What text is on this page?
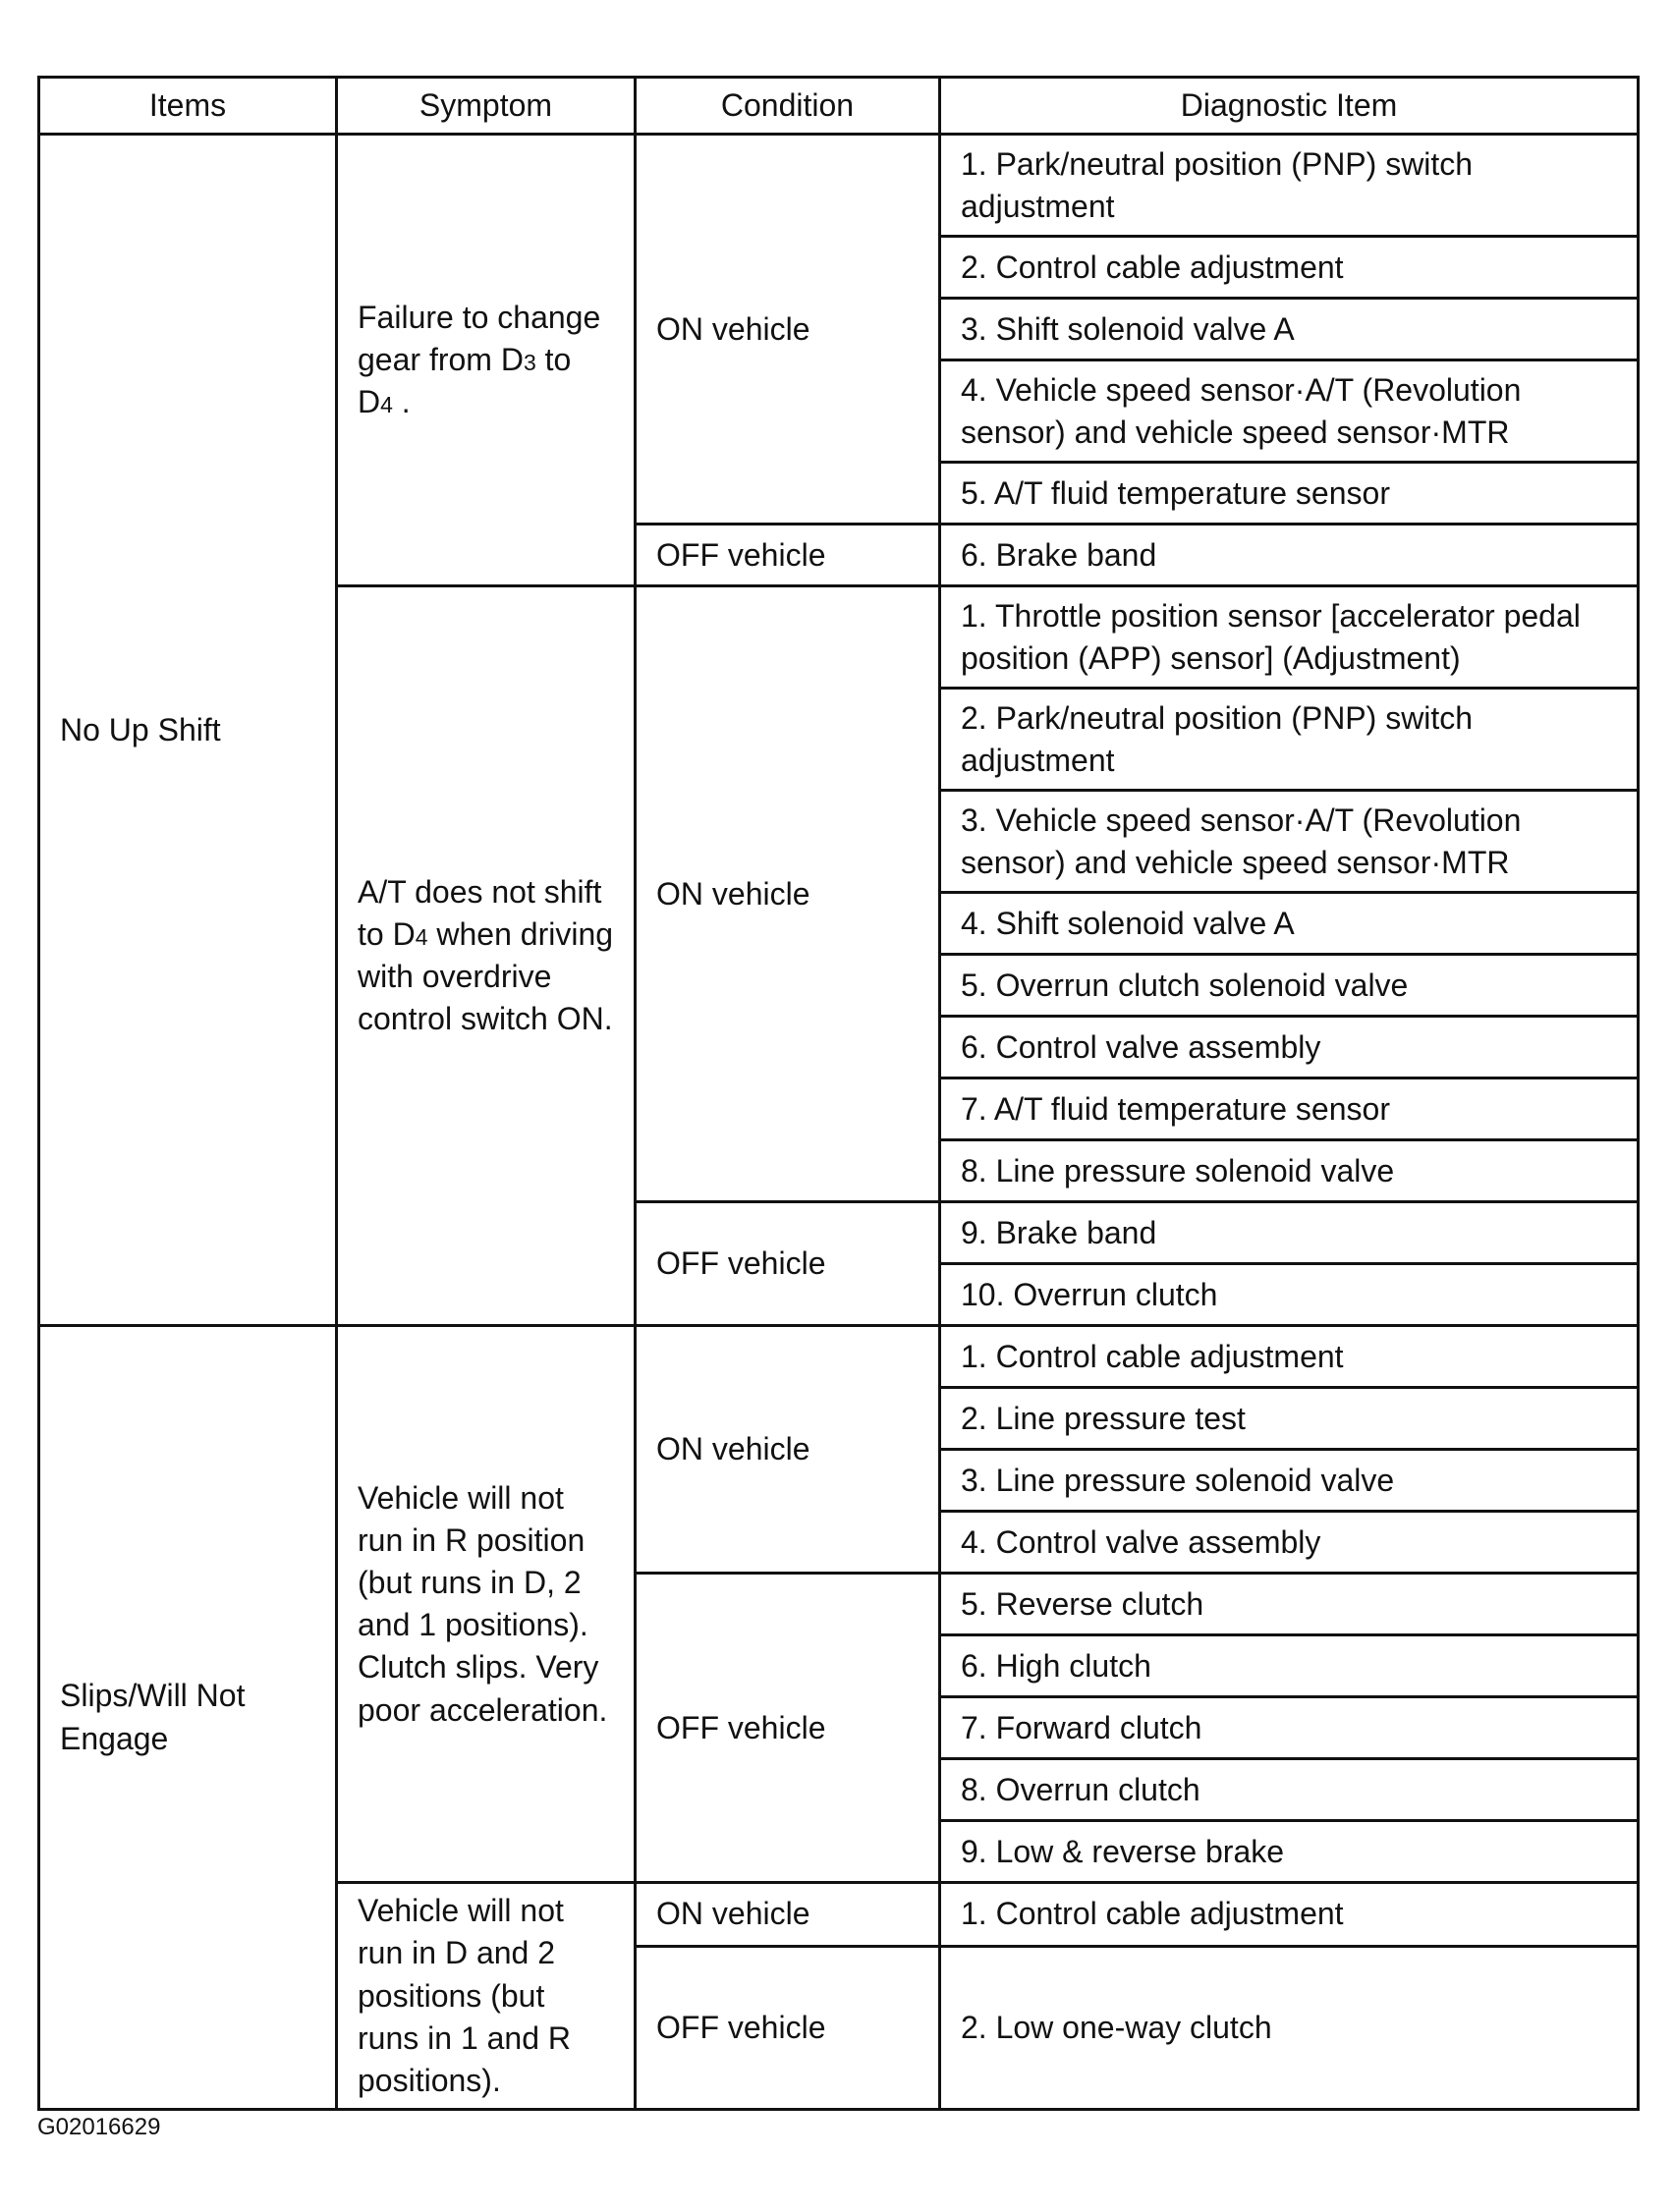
Items	Symptom	Condition	Diagnostic Item
No Up Shift	Failure to change gear from D3 to D4 .	ON vehicle	1. Park/neutral position (PNP) switch adjustment
			2. Control cable adjustment
			3. Shift solenoid valve A
			4. Vehicle speed sensor·A/T (Revolution sensor) and vehicle speed sensor·MTR
			5. A/T fluid temperature sensor
		OFF vehicle	6. Brake band
	A/T does not shift to D4 when driving with overdrive control switch ON.	ON vehicle	1. Throttle position sensor [accelerator pedal position (APP) sensor] (Adjustment)
			2. Park/neutral position (PNP) switch adjustment
			3. Vehicle speed sensor·A/T (Revolution sensor) and vehicle speed sensor·MTR
			4. Shift solenoid valve A
			5. Overrun clutch solenoid valve
			6. Control valve assembly
			7. A/T fluid temperature sensor
			8. Line pressure solenoid valve
		OFF vehicle	9. Brake band
			10. Overrun clutch
Slips/Will Not Engage	Vehicle will not run in R position (but runs in D, 2 and 1 positions). Clutch slips. Very poor acceleration.	ON vehicle	1. Control cable adjustment
			2. Line pressure test
			3. Line pressure solenoid valve
			4. Control valve assembly
		OFF vehicle	5. Reverse clutch
			6. High clutch
			7. Forward clutch
			8. Overrun clutch
			9. Low & reverse brake
	Vehicle will not run in D and 2 positions (but runs in 1 and R positions).	ON vehicle	1. Control cable adjustment
		OFF vehicle	2. Low one-way clutch
G02016629
